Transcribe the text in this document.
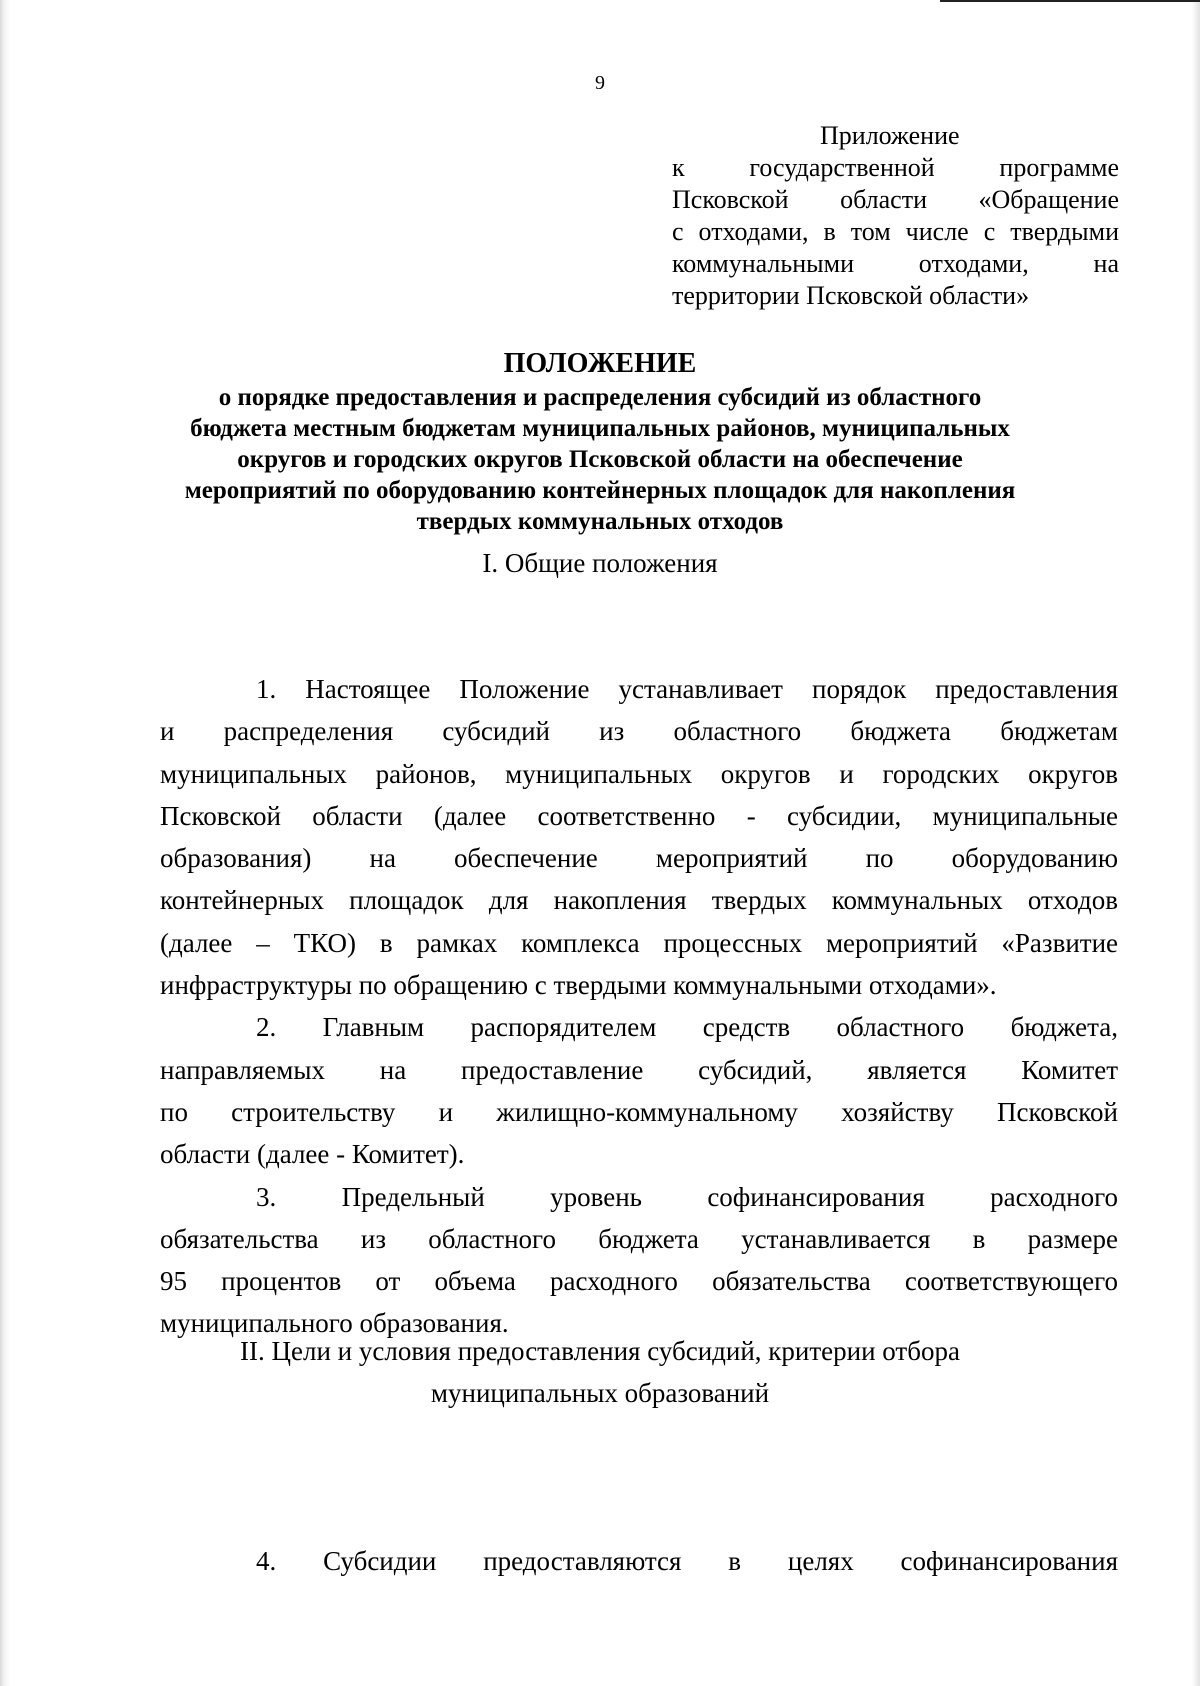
9
Приложение
к государственной программе
Псковской области «Обращение
с отходами, в том числе с твердыми
коммунальными отходами, на
территории Псковской области»
ПОЛОЖЕНИЕ
о порядке предоставления и распределения субсидий из областного
бюджета местным бюджетам муниципальных районов, муниципальных
округов и городских округов Псковской области на обеспечение
мероприятий по оборудованию контейнерных площадок для накопления
твердых коммунальных отходов
I. Общие положения
1. Настоящее Положение устанавливает порядок предоставления
и распределения субсидий из областного бюджета бюджетам
муниципальных районов, муниципальных округов и городских округов
Псковской области (далее соответственно - субсидии, муниципальные
образования) на обеспечение мероприятий по оборудованию
контейнерных площадок для накопления твердых коммунальных отходов
(далее – ТКО) в рамках комплекса процессных мероприятий «Развитие
инфраструктуры по обращению с твердыми коммунальными отходами».
2. Главным распорядителем средств областного бюджета,
направляемых на предоставление субсидий, является Комитет
по строительству и жилищно-коммунальному хозяйству Псковской
области (далее - Комитет).
3. Предельный уровень софинансирования расходного
обязательства из областного бюджета устанавливается в размере
95 процентов от объема расходного обязательства соответствующего
муниципального образования.
II. Цели и условия предоставления субсидий, критерии отбора
муниципальных образований
4. Субсидии предоставляются в целях софинансирования
